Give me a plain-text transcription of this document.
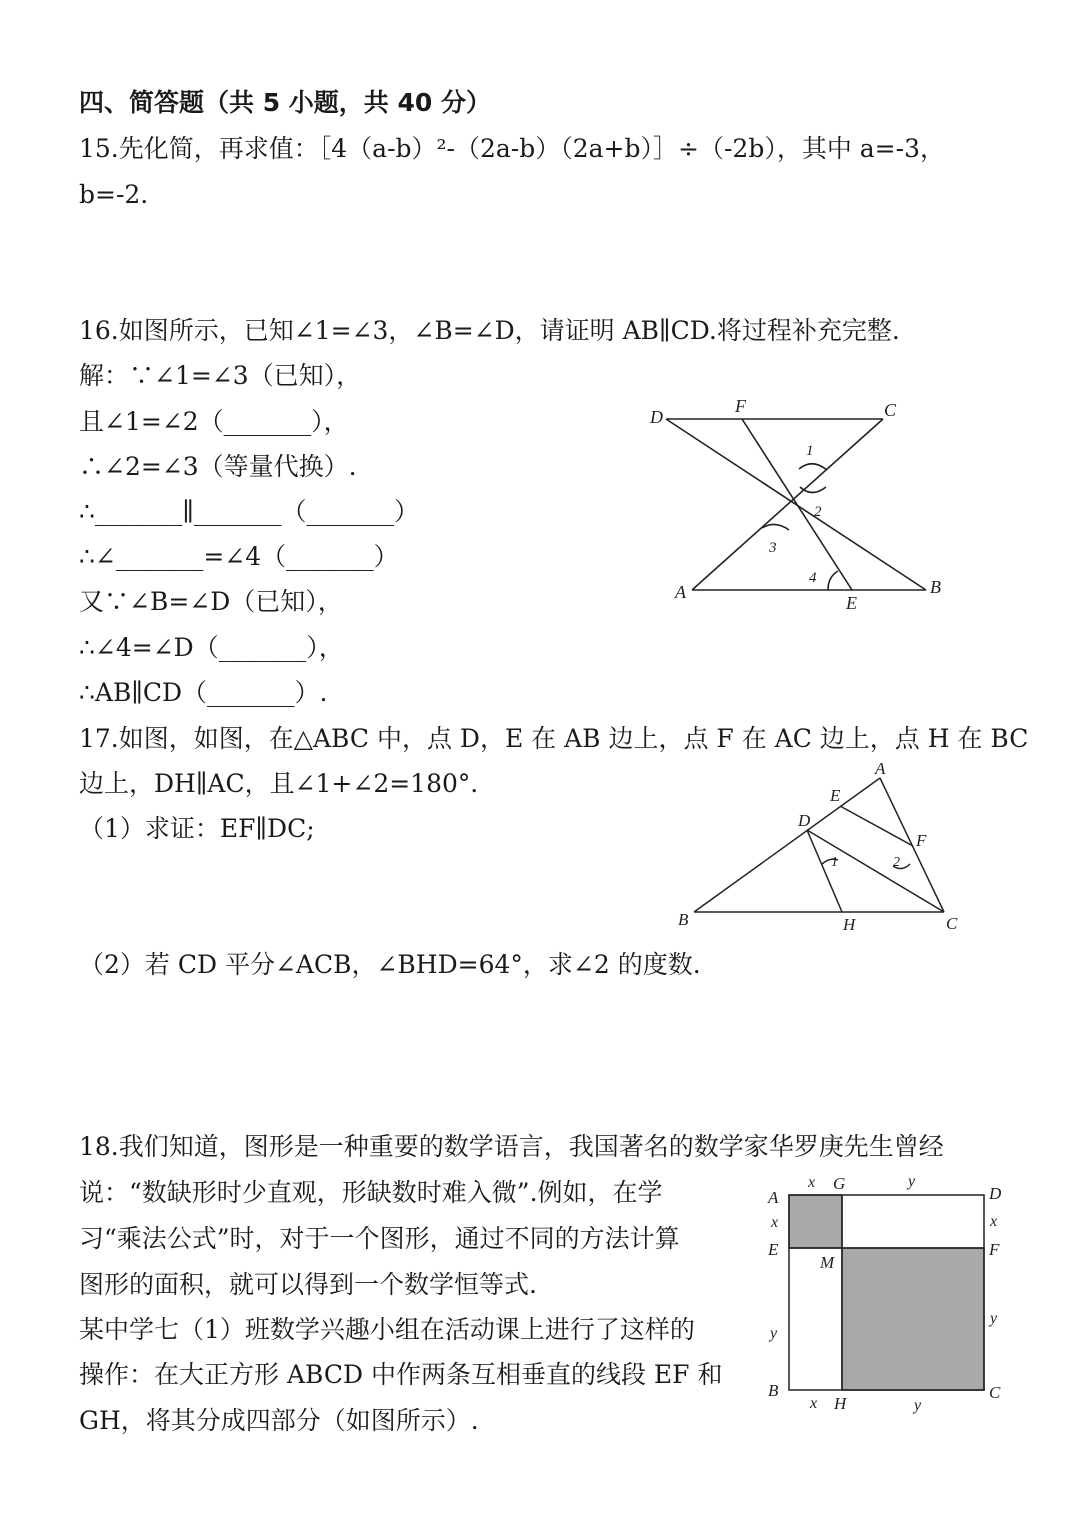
四、简答题（共 5 小题，共 40 分）
15.先化简，再求值：［4（a-b）²-（2a-b）（2a+b）］÷（-2b），其中 a=-3，
b=-2.
16.如图所示，已知∠1=∠3，∠B=∠D，请证明 AB∥CD.将过程补充完整.
解：∵∠1=∠3（已知），
且∠1=∠2（_______），
∴∠2=∠3（等量代换）.
∴_______∥_______（_______）
∴∠_______=∠4（_______）
又∵∠B=∠D（已知），
∴∠4=∠D（_______），
∴AB∥CD（_______）.
D
F	C
A
E
B
1
2
3
4
17.如图，如图，在△ABC 中，点 D，E 在 AB 边上，点 F 在 AC 边上，点 H 在 BC
边上，DH∥AC，且∠1+∠2=180°．
（1）求证：EF∥DC;
A
E
D
F
B	H	C
1	2
（2）若 CD 平分∠ACB，∠BHD=64°，求∠2 的度数.
18.我们知道，图形是一种重要的数学语言，我国著名的数学家华罗庚先生曾经
说：“数缺形时少直观，形缺数时难入微”.例如，在学
习“乘法公式”时，对于一个图形，通过不同的方法计算
图形的面积，就可以得到一个数学恒等式.
某中学七（1）班数学兴趣小组在活动课上进行了这样的
操作：在大正方形 ABCD 中作两条互相垂直的线段 EF 和
GH，将其分成四部分（如图所示）.
A
G
D
E	F
M
B
H
C
x	y
x	x
y
y
x	y
